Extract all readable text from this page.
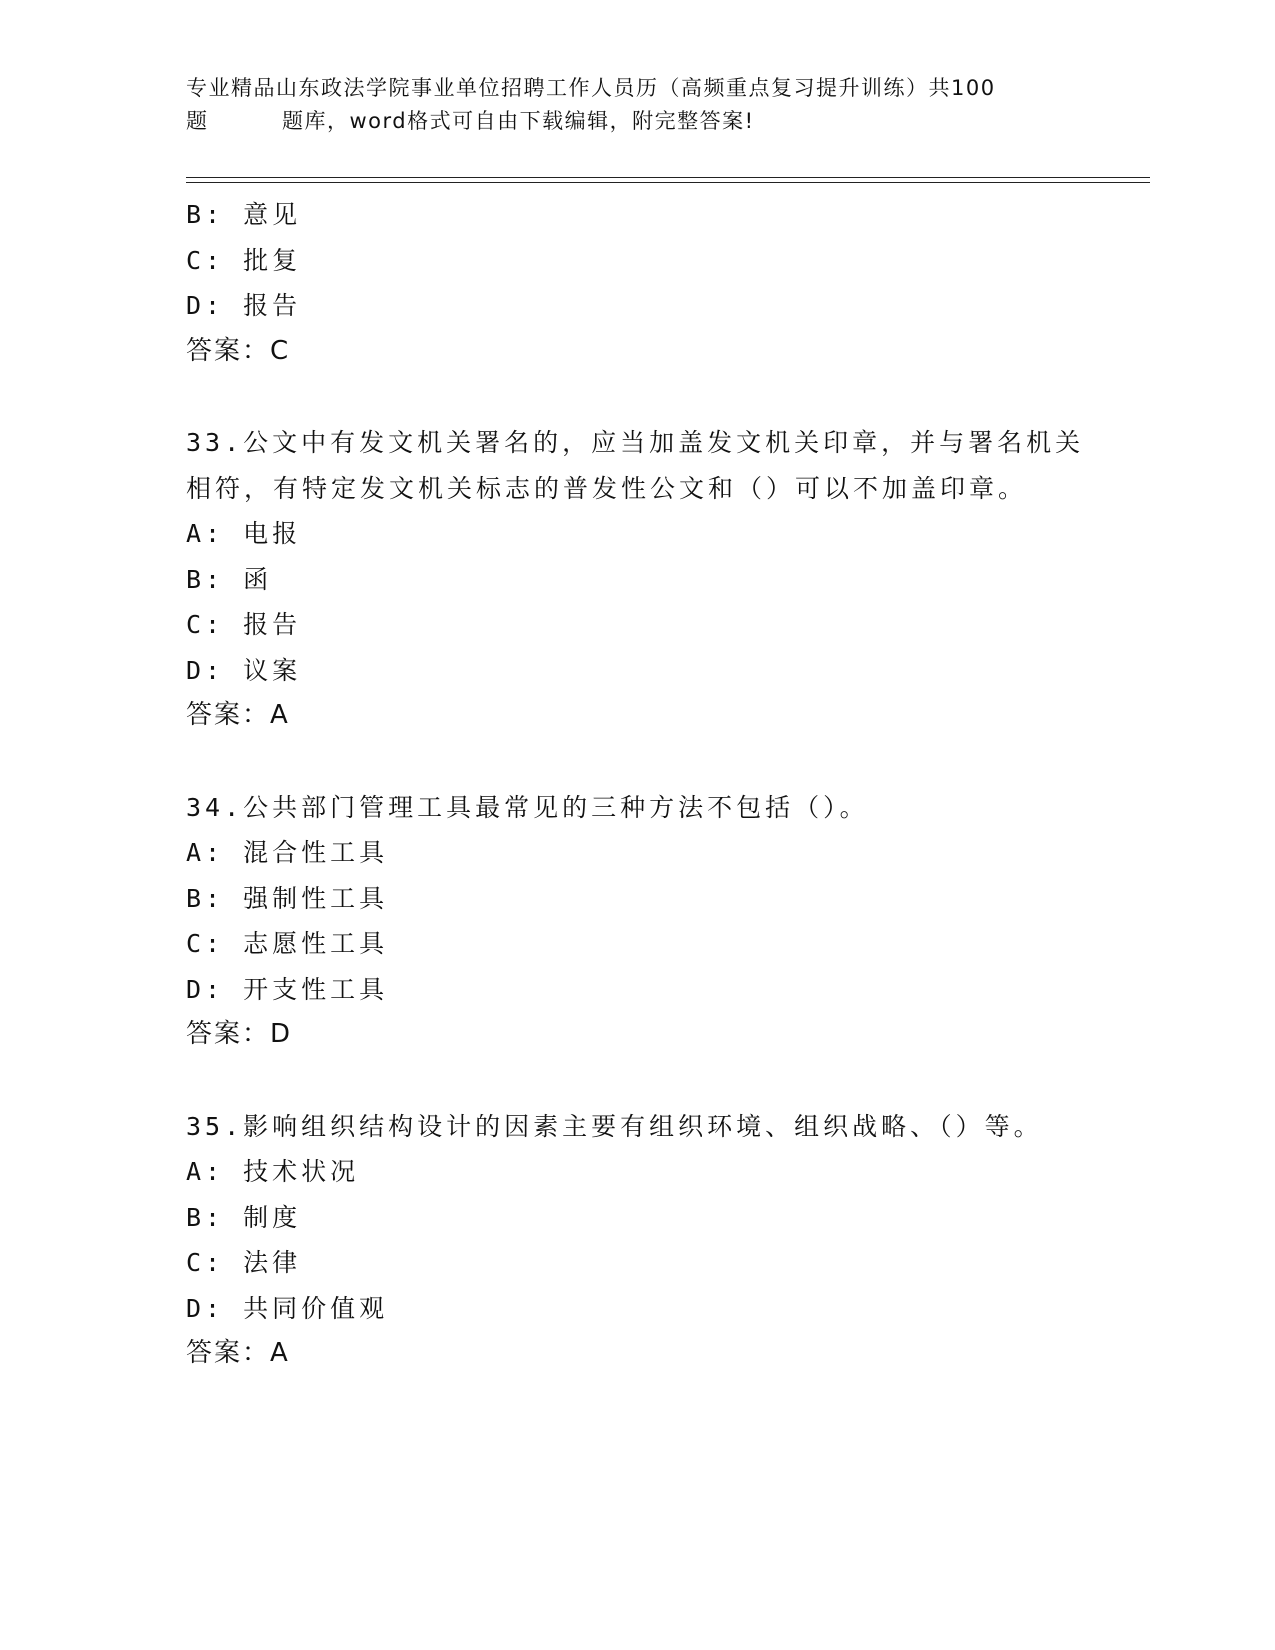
专业精品山东政法学院事业单位招聘工作人员历（高频重点复习提升训练）共100
题	题库，word格式可自由下载编辑，附完整答案!
B: 意见
C: 批复
D: 报告
答案：C
33.公文中有发文机关署名的，应当加盖发文机关印章，并与署名机关
相符，有特定发文机关标志的普发性公文和（）可以不加盖印章。
A: 电报
B: 函
C: 报告
D: 议案
答案：A
34.公共部门管理工具最常见的三种方法不包括（）。
A: 混合性工具
B: 强制性工具
C: 志愿性工具
D: 开支性工具
答案：D
35.影响组织结构设计的因素主要有组织环境、组织战略、（）等。
A: 技术状况
B: 制度
C: 法律
D: 共同价值观
答案：A
